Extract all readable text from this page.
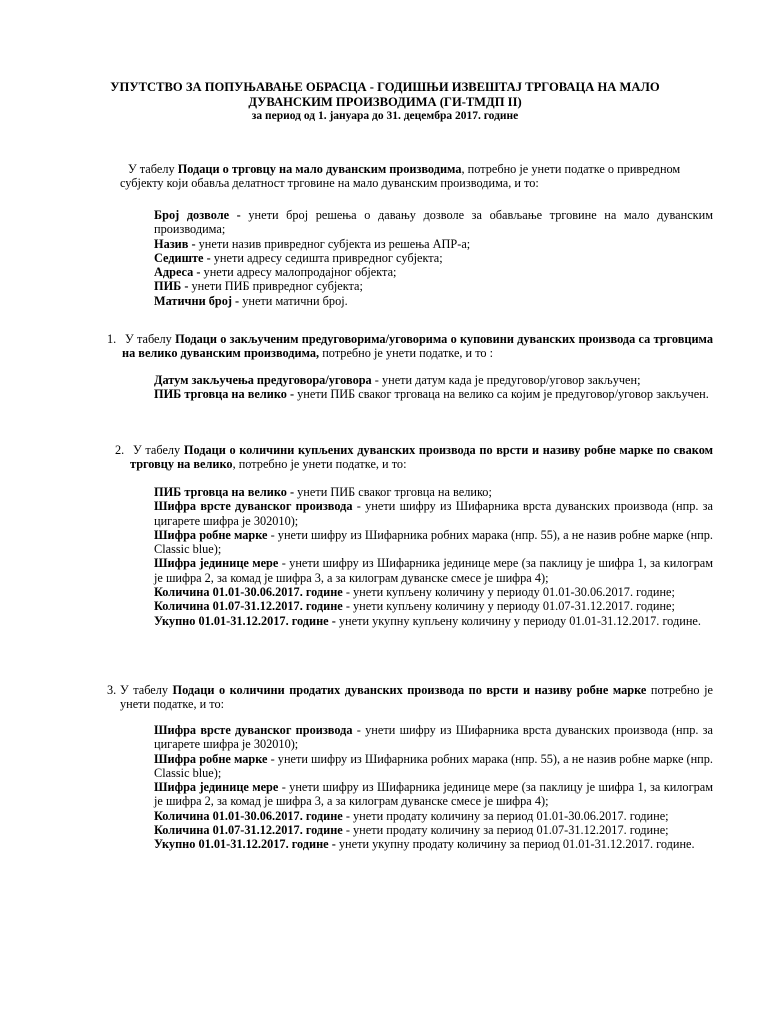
УПУТСТВО ЗА ПОПУЊАВАЊЕ ОБРАСЦА - ГОДИШЊИ ИЗВЕШТАЈ ТРГОВАЦА НА МАЛО
ДУВАНСКИМ ПРОИЗВОДИМА (ГИ-ТМДП II)
за период од 1. јануара до 31. децембра 2017. године

У табелу Подаци о трговцу на мало дуванским производима, потребно је унети податке о привредном субјекту који обавља делатност трговине на мало дуванским производима, и то:

Број дозволе - унети број решења о давању дозволе за обављање трговине на мало дуванским производима;

Назив - унети назив привредног субјекта из решења АПР-а;

Седиште - унети адресу седишта привредног субјекта;

Адреса - унети адресу малопродајног објекта;

ПИБ - унети ПИБ привредног субјекта;

Матични број - унети матични број.

1. У табелу Подаци о закљученим предуговорима/уговорима о куповини дуванских производа са трговцима на велико дуванским производима, потребно је унети податке, и то :

Датум закључења предуговора/уговора - унети датум када је предуговор/уговор закључен;

ПИБ трговца на велико - унети ПИБ сваког трговаца на велико са којим је предуговор/уговор закључен.

2. У табелу Подаци о количини купљених дуванских производа по врсти и називу робне марке по сваком трговцу на велико, потребно је унети податке, и то:

ПИБ трговца на велико - унети ПИБ сваког трговца на велико;

Шифра врсте дуванског производа - унети шифру из Шифарника врста дуванских производа (нпр. за цигарете шифра је 302010);

Шифра робне марке - унети шифру из Шифарника робних марака (нпр. 55), а не назив робне марке (нпр. Classic blue);

Шифра јединице мере - унети шифру из Шифарника јединице мере (за паклицу је шифра 1, за килограм је шифра 2, за комад је шифра 3, а за килограм дуванске смесе је шифра 4);

Количина 01.01-30.06.2017. године - унети купљену количину у периоду 01.01-30.06.2017. године;

Количина 01.07-31.12.2017. године - унети купљену количину у периоду 01.07-31.12.2017. године;

Укупно 01.01-31.12.2017. године - унети укупну купљену количину у периоду 01.01-31.12.2017. године.

3. У табелу Подаци о количини продатих дуванских производа по врсти и називу робне марке потребно је унети податке, и то:

Шифра врсте дуванског производа - унети шифру из Шифарника врста дуванских производа (нпр. за цигарете шифра је 302010);

Шифра робне марке - унети шифру из Шифарника робних марака (нпр. 55), а не назив робне марке (нпр. Classic blue);

Шифра јединице мере - унети шифру из Шифарника јединице мере (за паклицу је шифра 1, за килограм је шифра 2, за комад је шифра 3, а за килограм дуванске смесе је шифра 4);

Количина 01.01-30.06.2017. године - унети продату количину за период 01.01-30.06.2017. године;

Количина 01.07-31.12.2017. године - унети продату количину за период 01.07-31.12.2017. године;

Укупно 01.01-31.12.2017. године - унети укупну продату количину за период 01.01-31.12.2017. године.
